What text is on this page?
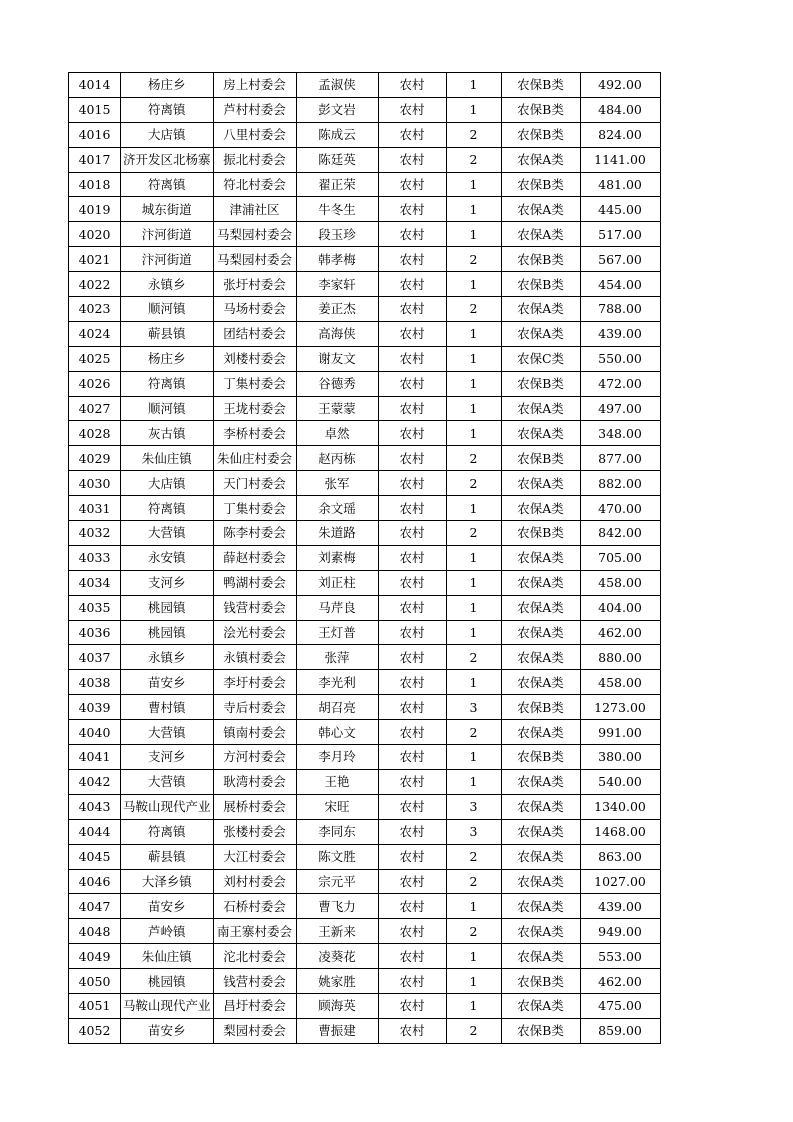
4014	杨庄乡	房上村委会	孟淑侠	农村	1	农保B类	492.00
4015	符离镇	芦村村委会	彭文岩	农村	1	农保B类	484.00
4016	大店镇	八里村委会	陈成云	农村	2	农保B类	824.00
4017	济开发区北杨寨	振北村委会	陈廷英	农村	2	农保A类	1141.00
4018	符离镇	符北村委会	翟正荣	农村	1	农保B类	481.00
4019	城东街道	津浦社区	牛冬生	农村	1	农保A类	445.00
4020	汴河街道	马梨园村委会	段玉珍	农村	1	农保A类	517.00
4021	汴河街道	马梨园村委会	韩孝梅	农村	2	农保B类	567.00
4022	永镇乡	张圩村委会	李家轩	农村	1	农保B类	454.00
4023	顺河镇	马场村委会	姜正杰	农村	2	农保A类	788.00
4024	蕲县镇	团结村委会	高海侠	农村	1	农保A类	439.00
4025	杨庄乡	刘楼村委会	谢友文	农村	1	农保C类	550.00
4026	符离镇	丁集村委会	谷德秀	农村	1	农保B类	472.00
4027	顺河镇	王垅村委会	王蒙蒙	农村	1	农保A类	497.00
4028	灰古镇	李桥村委会	卓然	农村	1	农保A类	348.00
4029	朱仙庄镇	朱仙庄村委会	赵丙栋	农村	2	农保B类	877.00
4030	大店镇	天门村委会	张军	农村	2	农保A类	882.00
4031	符离镇	丁集村委会	余文瑶	农村	1	农保A类	470.00
4032	大营镇	陈李村委会	朱道路	农村	2	农保B类	842.00
4033	永安镇	薛赵村委会	刘素梅	农村	1	农保A类	705.00
4034	支河乡	鸭湖村委会	刘正柱	农村	1	农保A类	458.00
4035	桃园镇	钱营村委会	马芹良	农村	1	农保A类	404.00
4036	桃园镇	浍光村委会	王灯普	农村	1	农保A类	462.00
4037	永镇乡	永镇村委会	张萍	农村	2	农保A类	880.00
4038	苗安乡	李圩村委会	李光利	农村	1	农保A类	458.00
4039	曹村镇	寺后村委会	胡召亮	农村	3	农保B类	1273.00
4040	大营镇	镇南村委会	韩心文	农村	2	农保A类	991.00
4041	支河乡	方河村委会	李月玲	农村	1	农保B类	380.00
4042	大营镇	耿湾村委会	王艳	农村	1	农保A类	540.00
4043	马鞍山现代产业	展桥村委会	宋旺	农村	3	农保A类	1340.00
4044	符离镇	张楼村委会	李同东	农村	3	农保A类	1468.00
4045	蕲县镇	大江村委会	陈文胜	农村	2	农保A类	863.00
4046	大泽乡镇	刘村村委会	宗元平	农村	2	农保A类	1027.00
4047	苗安乡	石桥村委会	曹飞力	农村	1	农保A类	439.00
4048	芦岭镇	南王寨村委会	王新来	农村	2	农保A类	949.00
4049	朱仙庄镇	沱北村委会	凌葵花	农村	1	农保A类	553.00
4050	桃园镇	钱营村委会	姚家胜	农村	1	农保B类	462.00
4051	马鞍山现代产业	昌圩村委会	顾海英	农村	1	农保A类	475.00
4052	苗安乡	梨园村委会	曹振建	农村	2	农保B类	859.00
